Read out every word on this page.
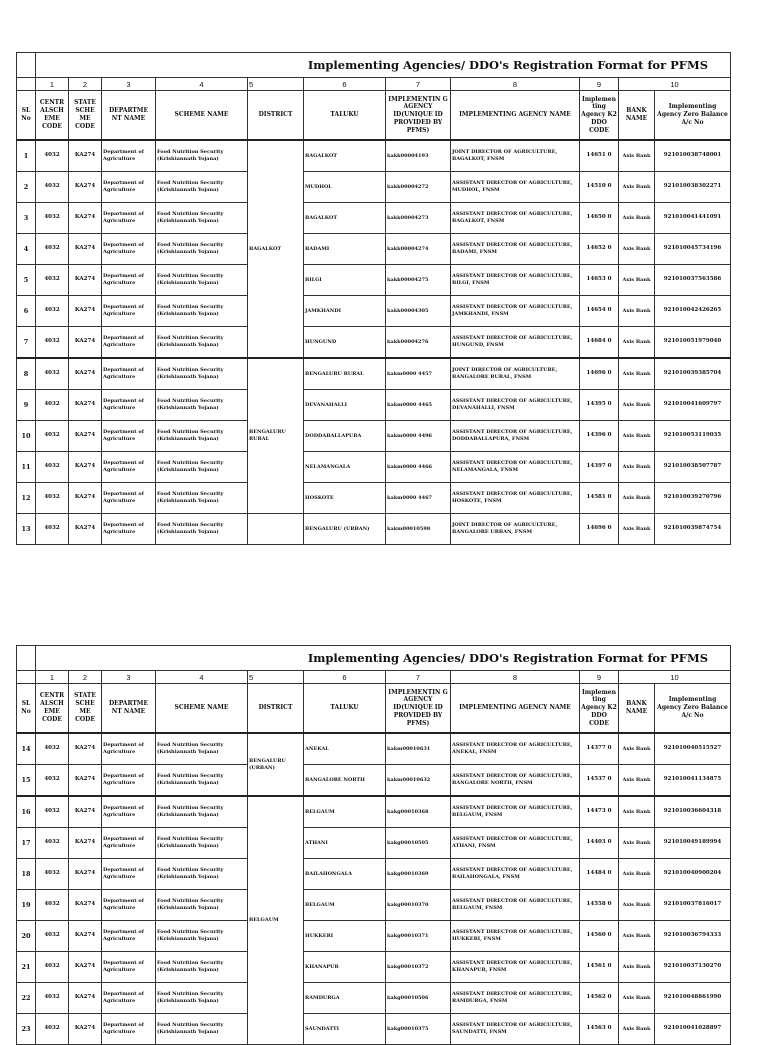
	Implementing Agencies/ DDO's Registration Format for PFMS										
	1	2	3	4	5	6	7	8	9	10	
SL No	CENTR ALSCH EME CODE	STATE SCHE ME CODE	DEPARTME NT NAME	SCHEME NAME	DISTRICT	TALUKU	IMPLEMENTIN G AGENCY ID(UNIQUE ID PROVIDED BY PFMS)	IMPLEMENTING AGENCY NAME	Implemen ting Agency K2 DDO CODE	BANK NAME	Implementing Agency Zero Balance A/c No
1	4032	KA274	Department of Agriculture	Food Nutrition Security (Krishiannath Yojana)	BAGALKOT	BAGALKOT	kakk00004193	JOINT DIRECTOR OF AGRICULTURE, BAGALKOT, FNSM	14651 0	Axis Bank	921010038748001
2	4032	KA274	Department of Agriculture	Food Nutrition Security (Krishiannath Yojana)		MUDHOL	kakk00004272	ASSISTANT DIRECTOR OF AGRICULTURE, MUDHOL, FNSM	14510 0	Axis Bank	921010038302271
3	4032	KA274	Department of Agriculture	Food Nutrition Security (Krishiannath Yojana)		BAGALKOT	kakk00004273	ASSISTANT DIRECTOR OF AGRICULTURE, BAGALKOT, FNSM	14650 0	Axis Bank	921010041441091
4	4032	KA274	Department of Agriculture	Food Nutrition Security (Krishiannath Yojana)		BADAMI	kakk00004274	ASSISTANT DIRECTOR OF AGRICULTURE, BADAMI, FNSM	14652 0	Axis Bank	921010045734196
5	4032	KA274	Department of Agriculture	Food Nutrition Security (Krishiannath Yojana)		BILGI	kakk00004275	ASSISTANT DIRECTOR OF AGRICULTURE, BILGI, FNSM	14653 0	Axis Bank	921010037563586
6	4032	KA274	Department of Agriculture	Food Nutrition Security (Krishiannath Yojana)		JAMKHANDI	kakk00004305	ASSISTANT DIRECTOR OF AGRICULTURE, JAMKHANDI, FNSM	14654 0	Axis Bank	921010042426265
7	4032	KA274	Department of Agriculture	Food Nutrition Security (Krishiannath Yojana)		HUNGUND	kakk00004276	ASSISTANT DIRECTOR OF AGRICULTURE, HUNGUND, FNSM	14684 0	Axis Bank	921010051979040
8	4032	KA274	Department of Agriculture	Food Nutrition Security (Krishiannath Yojana)	BENGALURU RURAL	BENGALURU RURAL	kakm0000 4457	JOINT DIRECTOR OF AGRICULTURE, BANGALORE RURAL, FNSM	14696 0	Axis Bank	921010039385704
9	4032	KA274	Department of Agriculture	Food Nutrition Security (Krishiannath Yojana)		DEVANAHALLI	kakm0000 4465	ASSISTANT DIRECTOR OF AGRICULTURE, DEVANAHALLI, FNSM	14395 0	Axis Bank	921010041609797
10	4032	KA274	Department of Agriculture	Food Nutrition Security (Krishiannath Yojana)		DODDABALLAPURA	kakm0000 4496	ASSISTANT DIRECTOR OF AGRICULTURE, DODDABALLAPURA, FNSM	14396 0	Axis Bank	921010053119035
11	4032	KA274	Department of Agriculture	Food Nutrition Security (Krishiannath Yojana)		NELAMANGALA	kakm0000 4466	ASSISTANT DIRECTOR OF AGRICULTURE, NELAMANGALA, FNSM	14397 0	Axis Bank	921010038507787
12	4032	KA274	Department of Agriculture	Food Nutrition Security (Krishiannath Yojana)		HOSKOTE	kakm0000 4467	ASSISTANT DIRECTOR OF AGRICULTURE, HOSKOTE, FNSM	14581 0	Axis Bank	921010039270796
13	4032	KA274	Department of Agriculture	Food Nutrition Security (Krishiannath Yojana)		BENGALURU (URBAN)	kakm00010598	JOINT DIRECTOR OF AGRICULTURE, BANGALORE URBAN, FNSM	14696 0	Axis Bank	921010039874754
	Implementing Agencies/ DDO's Registration Format for PFMS										
	1	2	3	4	5	6	7	8	9	10	
SL No	CENTR ALSCH EME CODE	STATE SCHE ME CODE	DEPARTME NT NAME	SCHEME NAME	DISTRICT	TALUKU	IMPLEMENTIN G AGENCY ID(UNIQUE ID PROVIDED BY PFMS)	IMPLEMENTING AGENCY NAME	Implemen ting Agency K2 DDO CODE	BANK NAME	Implementing Agency Zero Balance A/c No
14	4032	KA274	Department of Agriculture	Food Nutrition Security (Krishiannath Yojana)	BENGALURU (URBAN)	ANEKAL	kakm00010631	ASSISTANT DIRECTOR OF AGRICULTURE, ANEKAL, FNSM	14377 0	Axis Bank	921010040515527
15	4032	KA274	Department of Agriculture	Food Nutrition Security (Krishiannath Yojana)		BANGALORE NORTH	kakm00010632	ASSISTANT DIRECTOR OF AGRICULTURE, BANGALORE NORTH, FNSM	14537 0	Axis Bank	921010041134875
16	4032	KA274	Department of Agriculture	Food Nutrition Security (Krishiannath Yojana)	BELGAUM	BELGAUM	kakg00010368	ASSISTANT DIRECTOR OF AGRICULTURE, BELGAUM, FNSM	14473 0	Axis Bank	921010036604318
17	4032	KA274	Department of Agriculture	Food Nutrition Security (Krishiannath Yojana)		ATHANI	kakg00010505	ASSISTANT DIRECTOR OF AGRICULTURE, ATHANI, FNSM	14403 0	Axis Bank	921010049189994
18	4032	KA274	Department of Agriculture	Food Nutrition Security (Krishiannath Yojana)		BAILAHONGALA	kakg00010369	ASSISTANT DIRECTOR OF AGRICULTURE, BAILAHONGALA, FNSM	14484 0	Axis Bank	921010040900204
19	4032	KA274	Department of Agriculture	Food Nutrition Security (Krishiannath Yojana)		BELGAUM	kakg00010370	ASSISTANT DIRECTOR OF AGRICULTURE, BELGAUM, FNSM	14558 0	Axis Bank	921010037816017
20	4032	KA274	Department of Agriculture	Food Nutrition Security (Krishiannath Yojana)		HUKKERI	kakg00010371	ASSISTANT DIRECTOR OF AGRICULTURE, HUKKERI, FNSM	14560 0	Axis Bank	921010036794333
21	4032	KA274	Department of Agriculture	Food Nutrition Security (Krishiannath Yojana)		KHANAPUR	kakg00010372	ASSISTANT DIRECTOR OF AGRICULTURE, KHANAPUR, FNSM	14561 0	Axis Bank	921010037130270
22	4032	KA274	Department of Agriculture	Food Nutrition Security (Krishiannath Yojana)		RAMDURGA	kakg00010506	ASSISTANT DIRECTOR OF AGRICULTURE, RAMDURGA, FNSM	14562 0	Axis Bank	921010048861990
23	4032	KA274	Department of Agriculture	Food Nutrition Security (Krishiannath Yojana)		SAUNDATTI	kakg00010375	ASSISTANT DIRECTOR OF AGRICULTURE, SAUNDATTI, FNSM	14563 0	Axis Bank	921010041028897
